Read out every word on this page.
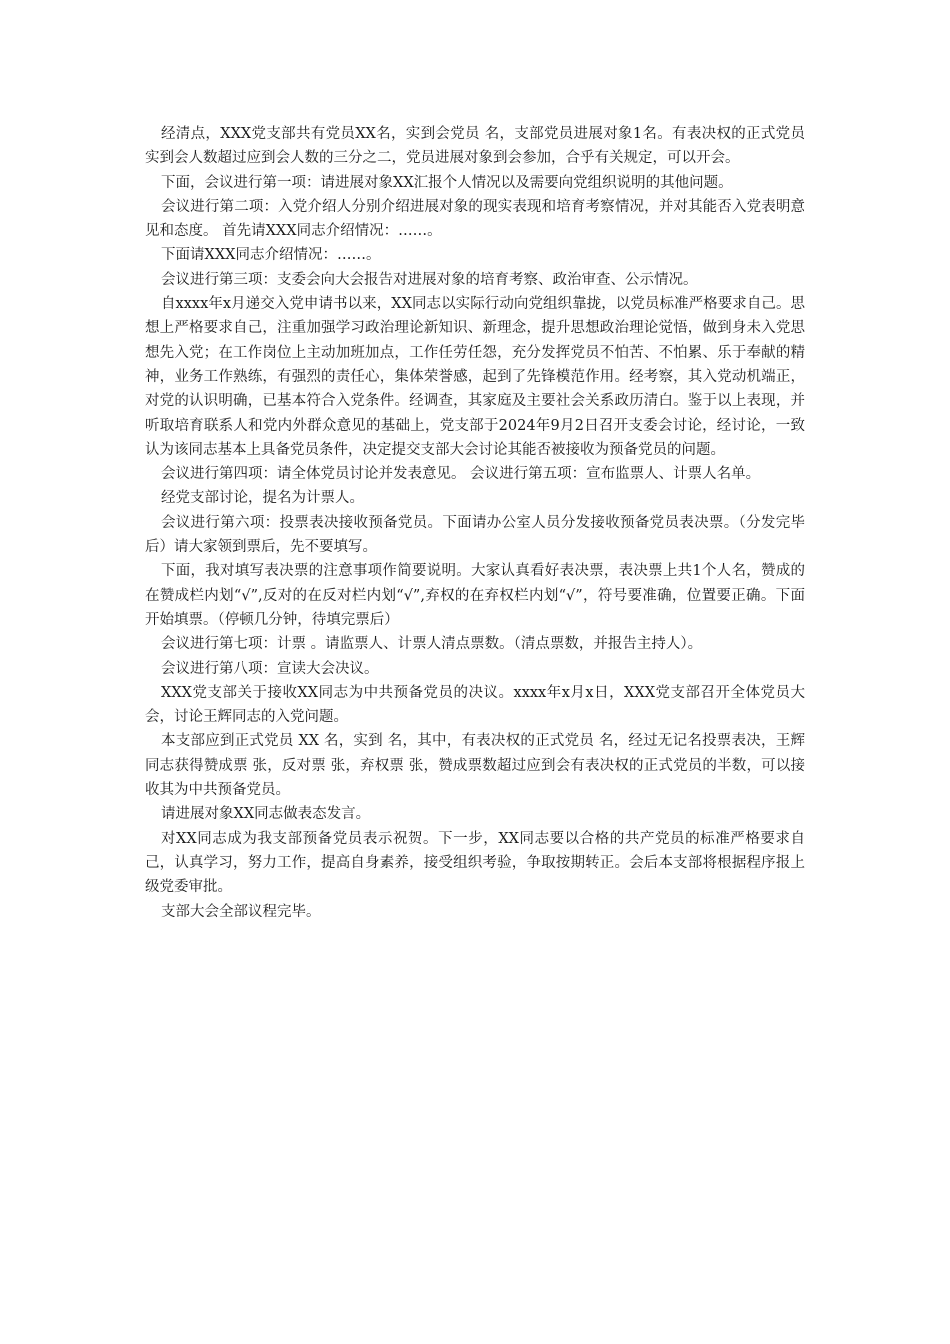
经清点，XXX党支部共有党员XX名，实到会党员 名，支部党员进展对象1名。有表决权的正式党员实到会人数超过应到会人数的三分之二，党员进展对象到会参加，合乎有关规定，可以开会。

下面，会议进行第一项：请进展对象XX汇报个人情况以及需要向党组织说明的其他问题。

会议进行第二项：入党介绍人分别介绍进展对象的现实表现和培育考察情况，并对其能否入党表明意见和态度。 首先请XXX同志介绍情况：……。

下面请XXX同志介绍情况：……。

会议进行第三项：支委会向大会报告对进展对象的培育考察、政治审查、公示情况。

自xxxx年x月递交入党申请书以来，XX同志以实际行动向党组织靠拢，以党员标准严格要求自己。思想上严格要求自己，注重加强学习政治理论新知识、新理念，提升思想政治理论觉悟，做到身未入党思想先入党；在工作岗位上主动加班加点，工作任劳任怨，充分发挥党员不怕苦、不怕累、乐于奉献的精神，业务工作熟练，有强烈的责任心，集体荣誉感，起到了先锋模范作用。经考察，其入党动机端正，对党的认识明确，已基本符合入党条件。经调查，其家庭及主要社会关系政历清白。鉴于以上表现，并听取培育联系人和党内外群众意见的基础上，党支部于2024年9月2日召开支委会讨论，经讨论，一致认为该同志基本上具备党员条件，决定提交支部大会讨论其能否被接收为预备党员的问题。

会议进行第四项：请全体党员讨论并发表意见。 会议进行第五项：宣布监票人、计票人名单。

经党支部讨论，提名为计票人。

会议进行第六项：投票表决接收预备党员。下面请办公室人员分发接收预备党员表决票。（分发完毕后）请大家领到票后，先不要填写。

下面，我对填写表决票的注意事项作简要说明。大家认真看好表决票，表决票上共1个人名，赞成的在赞成栏内划“√”,反对的在反对栏内划“√”,弃权的在弃权栏内划“√”，符号要准确，位置要正确。下面开始填票。（停顿几分钟，待填完票后）

会议进行第七项：计票 。请监票人、计票人清点票数。（清点票数，并报告主持人）。

会议进行第八项：宣读大会决议。

XXX党支部关于接收XX同志为中共预备党员的决议。xxxx年x月x日，XXX党支部召开全体党员大会，讨论王辉同志的入党问题。

本支部应到正式党员 XX 名，实到 名，其中，有表决权的正式党员 名，经过无记名投票表决，王辉同志获得赞成票 张，反对票 张，弃权票 张，赞成票数超过应到会有表决权的正式党员的半数，可以接收其为中共预备党员。

请进展对象XX同志做表态发言。

对XX同志成为我支部预备党员表示祝贺。下一步，XX同志要以合格的共产党员的标准严格要求自己，认真学习，努力工作，提高自身素养，接受组织考验，争取按期转正。会后本支部将根据程序报上级党委审批。

支部大会全部议程完毕。
